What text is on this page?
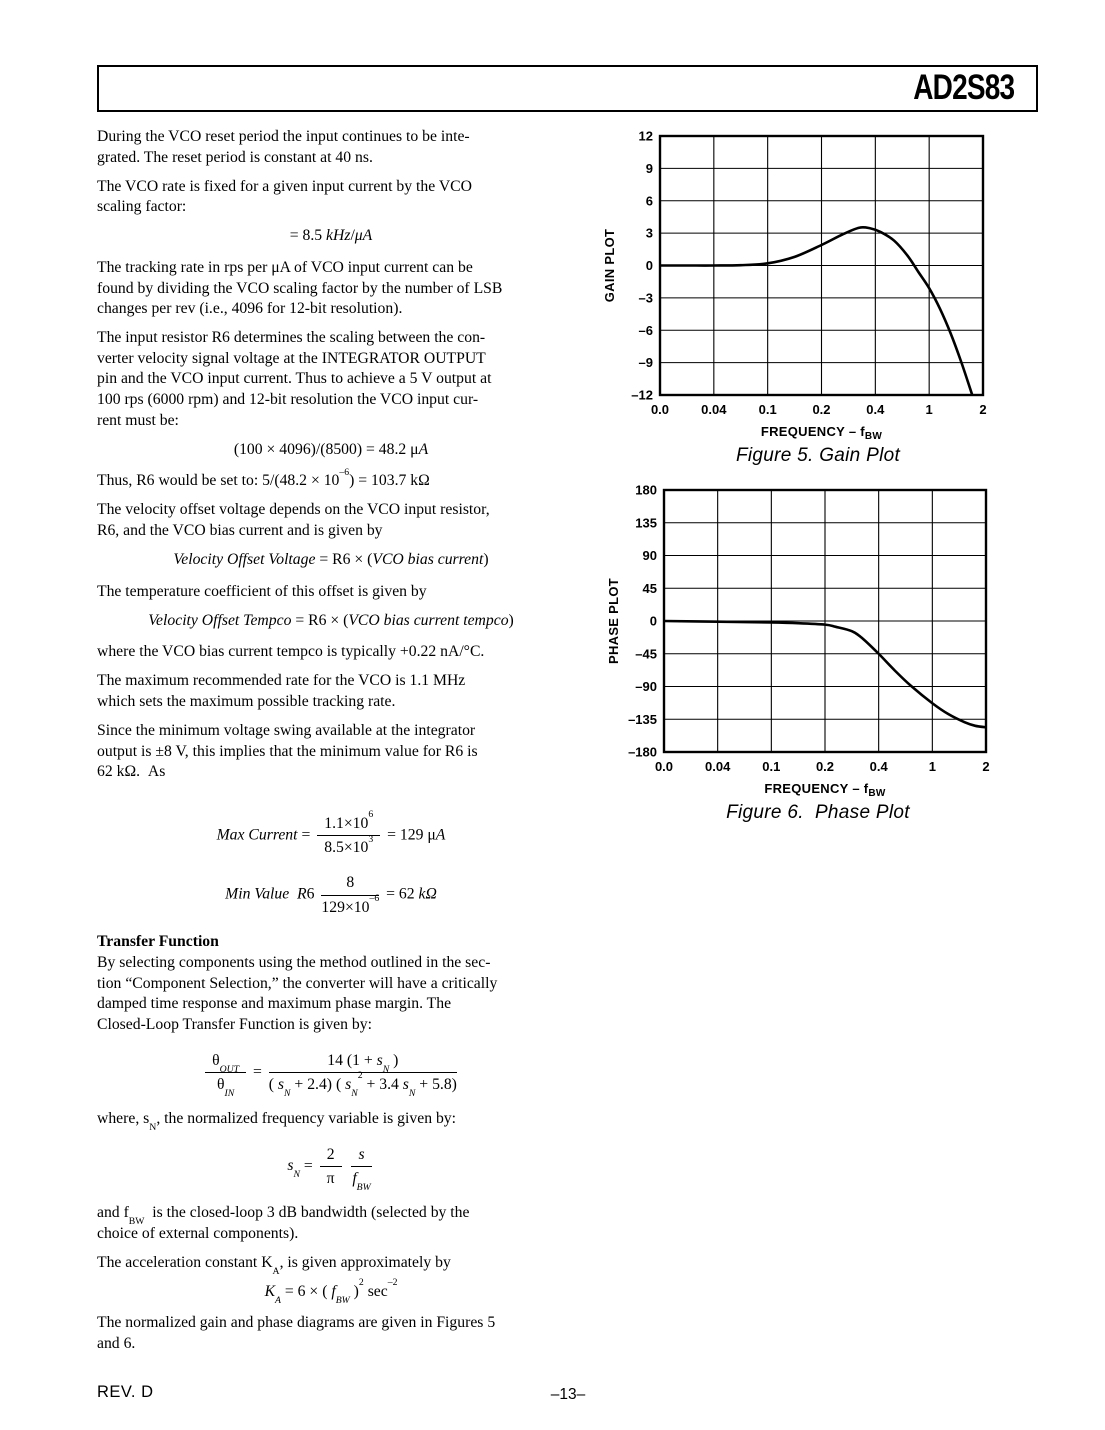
AD2S83
During the VCO reset period the input continues to be inte-
grated. The reset period is constant at 40 ns.
The VCO rate is fixed for a given input current by the VCO
scaling factor:
= 8.5 kHz/μA
The tracking rate in rps per μA of VCO input current can be
found by dividing the VCO scaling factor by the number of LSB
changes per rev (i.e., 4096 for 12-bit resolution).
The input resistor R6 determines the scaling between the con-
verter velocity signal voltage at the INTEGRATOR OUTPUT
pin and the VCO input current. Thus to achieve a 5 V output at
100 rps (6000 rpm) and 12-bit resolution the VCO input cur-
rent must be:
(100 × 4096)/(8500) = 48.2 μA
Thus, R6 would be set to: $5/(48.2 \times 10^{-6}) = 103.7$ kΩ
The velocity offset voltage depends on the VCO input resistor,
R6, and the VCO bias current and is given by
Velocity Offset Voltage = R6 × (VCO bias current)
The temperature coefficient of this offset is given by
Velocity Offset Tempco = R6 × (VCO bias current tempco)
where the VCO bias current tempco is typically +0.22 nA/°C.
The maximum recommended rate for the VCO is 1.1 MHz
which sets the maximum possible tracking rate.
Since the minimum voltage swing available at the integrator
output is ±8 V, this implies that the minimum value for R6 is
62 kΩ.  As
Max Current = $\frac{1.1\times 10^6}{8.5\times 10^3} = 129$ μA
Min Value  $R6 \frac{8}{129\times 10^{-6}} = 62$ kΩ
Transfer Function
By selecting components using the method outlined in the sec-
tion “Component Selection,” the converter will have a critically
damped time response and maximum phase margin. The
Closed-Loop Transfer Function is given by:
$\frac{\theta_{OUT}}{\theta_{IN}} = \frac{14 (1 + s_N )}{( s_N + 2.4) ( s_N^2 + 3.4 s_N + 5.8)}$
where, $s_N$, the normalized frequency variable is given by:
$s_N = \frac{2}{\pi}$
$\frac{s}{f_{BW}}$
and $f_{BW}$  is the closed-loop 3 dB bandwidth (selected by the
choice of external components).
The acceleration constant $K_A$, is given approximately by
$K_A = 6$ × ( $f_{BW}$ )$^2$ $\sec^{-2}$
The normalized gain and phase diagrams are given in Figures 5
and 6.
12
9
6
3
0
–3
–6
–9
–12
0.0 0.04 0.1	0.2	0.4	1	2
FREQUENCY – $f_{BW}$
GAIN PLOT
Figure 5. Gain Plot
180
135
90
45
0
–45
–90
–135
–180
0.0 0.04 0.1	0.2	0.4	1	2
FREQUENCY – $f_{BW}$
PHASE PLOT
Figure 6.  Phase Plot
REV. D	–13–
